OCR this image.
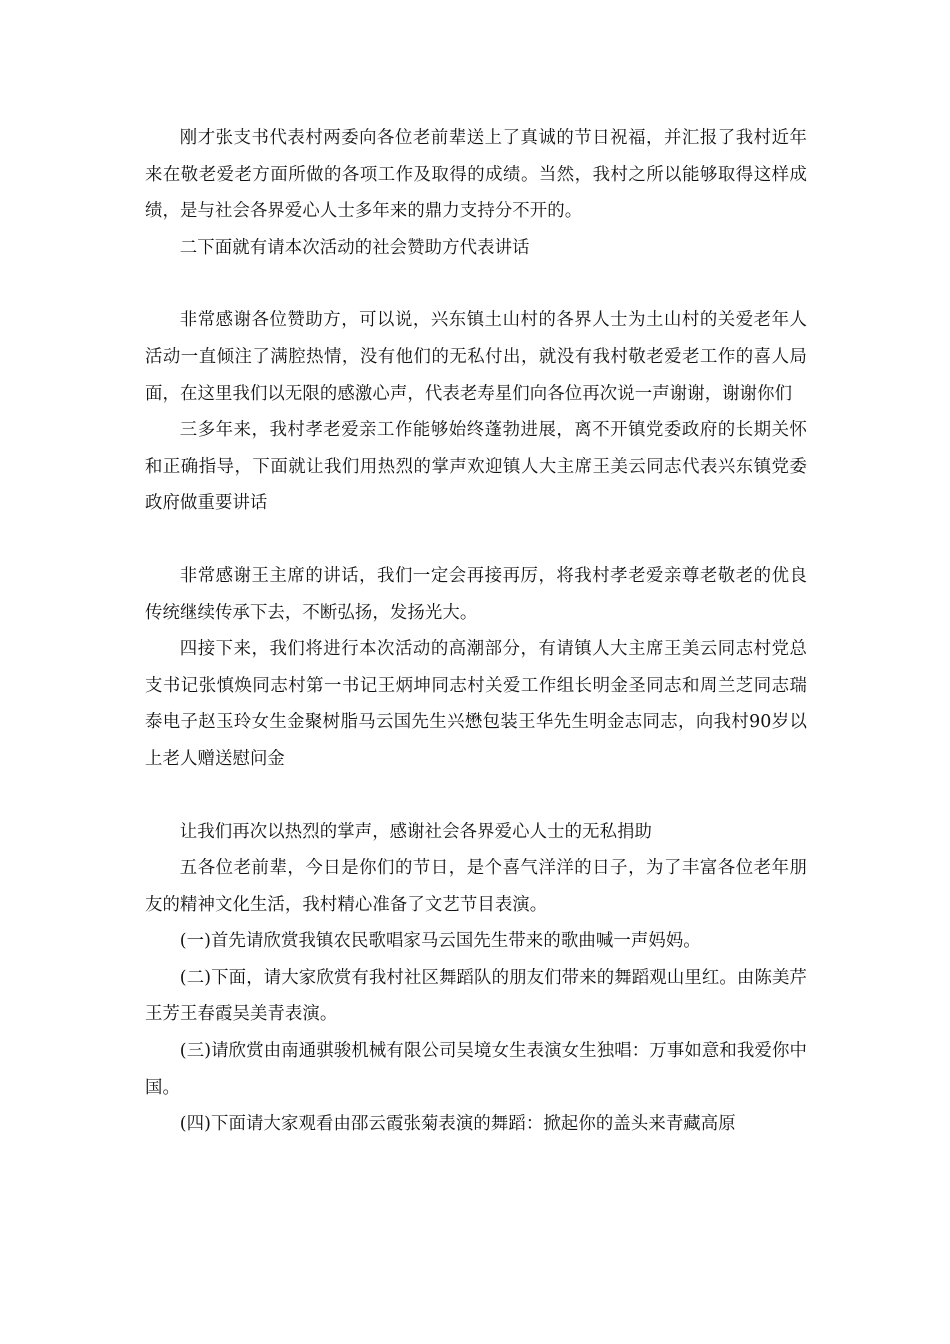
刚才张支书代表村两委向各位老前辈送上了真诚的节日祝福，并汇报了我村近年来在敬老爱老方面所做的各项工作及取得的成绩。当然，我村之所以能够取得这样成绩，是与社会各界爱心人士多年来的鼎力支持分不开的。

二下面就有请本次活动的社会赞助方代表讲话

非常感谢各位赞助方，可以说，兴东镇土山村的各界人士为土山村的关爱老年人活动一直倾注了满腔热情，没有他们的无私付出，就没有我村敬老爱老工作的喜人局面，在这里我们以无限的感激心声，代表老寿星们向各位再次说一声谢谢，谢谢你们

三多年来，我村孝老爱亲工作能够始终蓬勃进展，离不开镇党委政府的长期关怀和正确指导，下面就让我们用热烈的掌声欢迎镇人大主席王美云同志代表兴东镇党委政府做重要讲话

非常感谢王主席的讲话，我们一定会再接再厉，将我村孝老爱亲尊老敬老的优良传统继续传承下去，不断弘扬，发扬光大。

四接下来，我们将进行本次活动的高潮部分，有请镇人大主席王美云同志村党总支书记张慎焕同志村第一书记王炳坤同志村关爱工作组长明金圣同志和周兰芝同志瑞泰电子赵玉玲女生金聚树脂马云国先生兴懋包装王华先生明金志同志，向我村90岁以上老人赠送慰问金

让我们再次以热烈的掌声，感谢社会各界爱心人士的无私捐助

五各位老前辈，今日是你们的节日，是个喜气洋洋的日子，为了丰富各位老年朋友的精神文化生活，我村精心准备了文艺节目表演。

(一)首先请欣赏我镇农民歌唱家马云国先生带来的歌曲喊一声妈妈。

(二)下面，请大家欣赏有我村社区舞蹈队的朋友们带来的舞蹈观山里红。由陈美芹王芳王春霞吴美青表演。

(三)请欣赏由南通骐骏机械有限公司吴境女生表演女生独唱：万事如意和我爱你中国。

(四)下面请大家观看由邵云霞张菊表演的舞蹈：掀起你的盖头来青藏高原
